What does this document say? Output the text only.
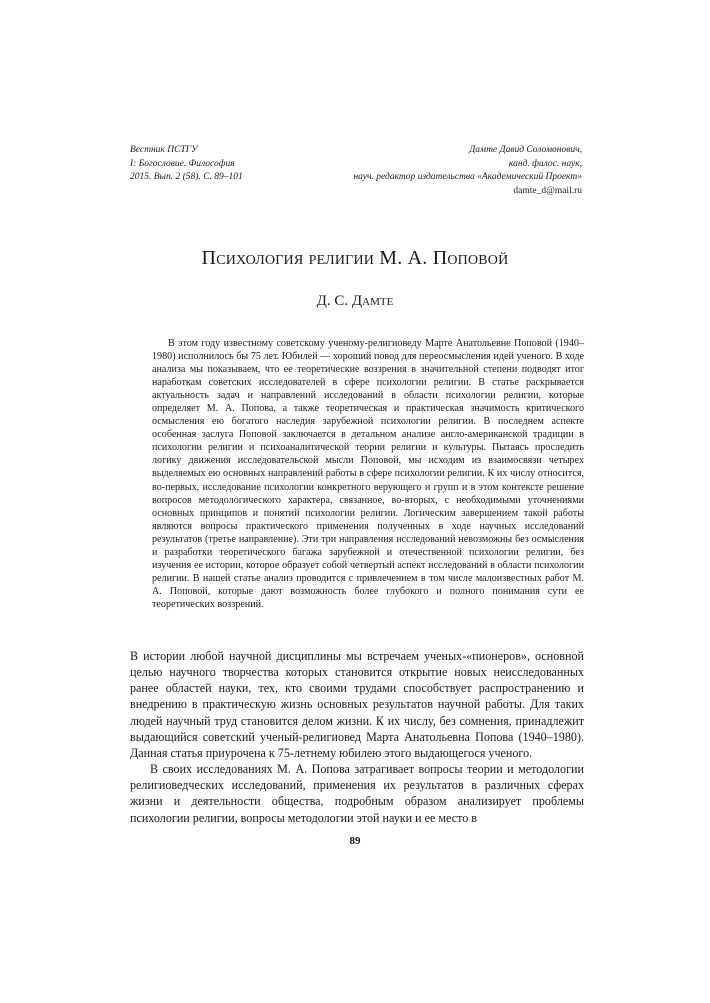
Вестник ПСТГУ
I: Богословие. Философия
2015. Вып. 2 (58). С. 89–101
Дамте Давид Соломонович,
канд. филос. наук,
науч. редактор издательства «Академический Проект»
damte_d@mail.ru
Психология религии М. А. Поповой
Д. С. Дамте

В этом году известному советскому ученому-религиоведу Марте Анатольевне Поповой (1940–1980) исполнилось бы 75 лет. Юбилей — хороший повод для переосмысления идей ученого. В ходе анализа мы показываем, что ее теоретические воззрения в значительной степени подводят итог наработкам советских исследователей в сфере психологии религии. В статье раскрывается актуальность задач и направлений исследований в области психологии религии, которые определяет М. А. Попова, а также теоретическая и практическая значимость критического осмысления ею богатого наследия зарубежной психологии религии. В последнем аспекте особенная заслуга Поповой заключается в детальном анализе англо-американской традиции в психологии религии и психоаналитической теории религии и культуры. Пытаясь проследить логику движения исследовательской мысли Поповой, мы исходим из взаимосвязи четырех выделяемых ею основных направлений работы в сфере психологии религии. К их числу относится, во-первых, исследование психологии конкретного верующего и групп и в этом контексте решение вопросов методологического характера, связанное, во-вторых, с необходимыми уточнениями основных принципов и понятий психологии религии. Логическим завершением такой работы являются вопросы практического применения полученных в ходе научных исследований результатов (третье направление). Эти три направления исследований невозможны без осмысления и разработки теоретического багажа зарубежной и отечественной психологии религии, без изучения ее истории, которое образует собой четвертый аспект исследований в области психологии религии. В нашей статье анализ проводится с привлечением в том числе малоизвестных работ М. А. Поповой, которые дают возможность более глубокого и полного понимания сути ее теоретических воззрений.

В истории любой научной дисциплины мы встречаем ученых-«пионеров», основной целью научного творчества которых становится открытие новых неисследованных ранее областей науки, тех, кто своими трудами способствует распространению и внедрению в практическую жизнь основных результатов научной работы. Для таких людей научный труд становится делом жизни. К их числу, без сомнения, принадлежит выдающийся советский ученый-религиовед Марта Анатольевна Попова (1940–1980). Данная статья приурочена к 75-летнему юбилею этого выдающегося ученого.

В своих исследованиях М. А. Попова затрагивает вопросы теории и методологии религиоведческих исследований, применения их результатов в различных сферах жизни и деятельности общества, подробным образом анализирует проблемы психологии религии, вопросы методологии этой науки и ее место в

89
